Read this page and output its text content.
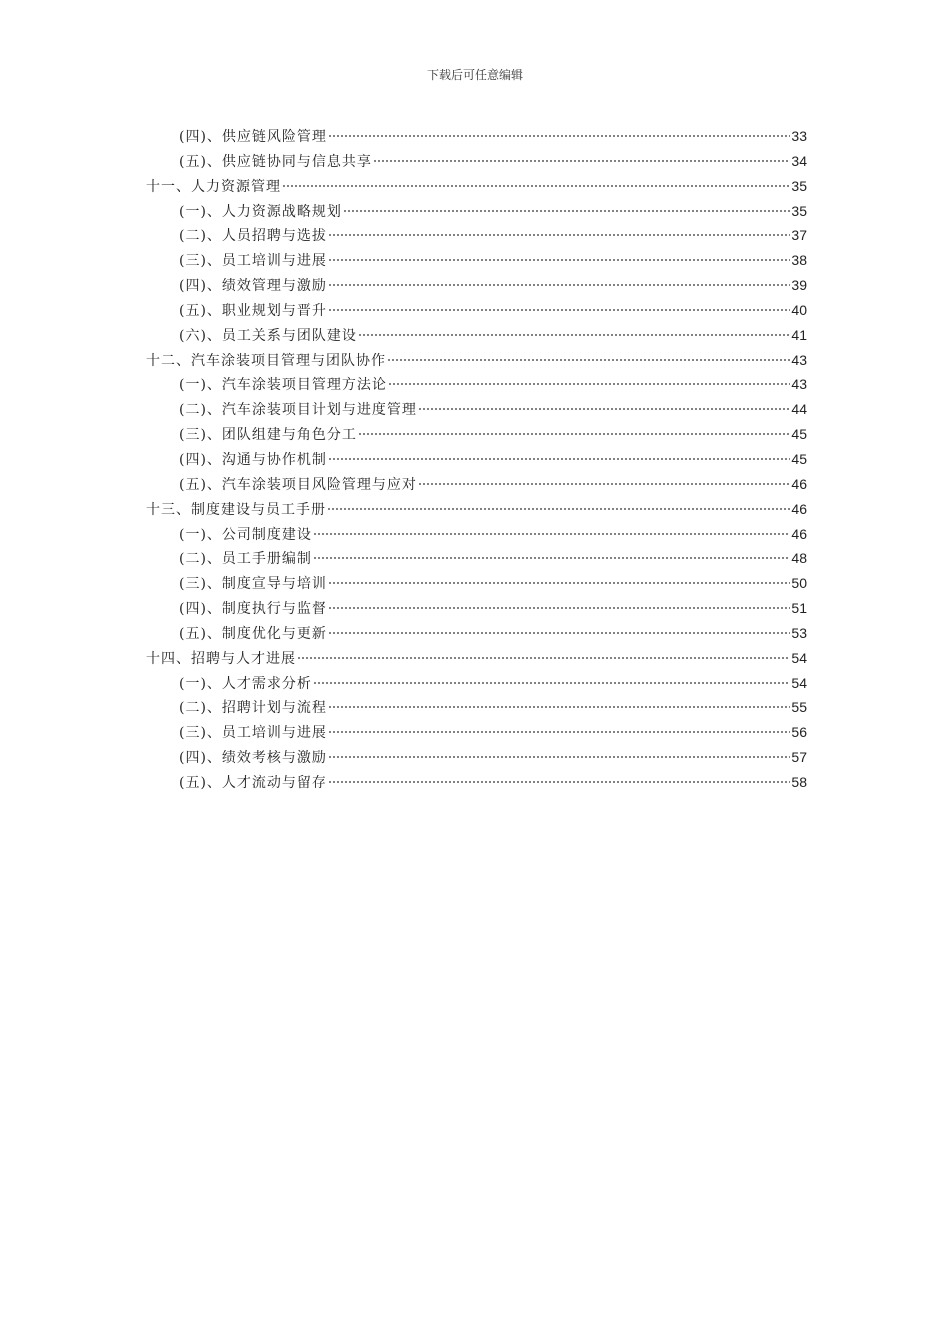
下载后可任意编辑
(四)、供应链风险管理	33
(五)、供应链协同与信息共享	34
十一、人力资源管理	35
(一)、人力资源战略规划	35
(二)、人员招聘与选拔	37
(三)、员工培训与进展	38
(四)、绩效管理与激励	39
(五)、职业规划与晋升	40
(六)、员工关系与团队建设	41
十二、汽车涂装项目管理与团队协作	43
(一)、汽车涂装项目管理方法论	43
(二)、汽车涂装项目计划与进度管理	44
(三)、团队组建与角色分工	45
(四)、沟通与协作机制	45
(五)、汽车涂装项目风险管理与应对	46
十三、制度建设与员工手册	46
(一)、公司制度建设	46
(二)、员工手册编制	48
(三)、制度宣导与培训	50
(四)、制度执行与监督	51
(五)、制度优化与更新	53
十四、招聘与人才进展	54
(一)、人才需求分析	54
(二)、招聘计划与流程	55
(三)、员工培训与进展	56
(四)、绩效考核与激励	57
(五)、人才流动与留存	58
